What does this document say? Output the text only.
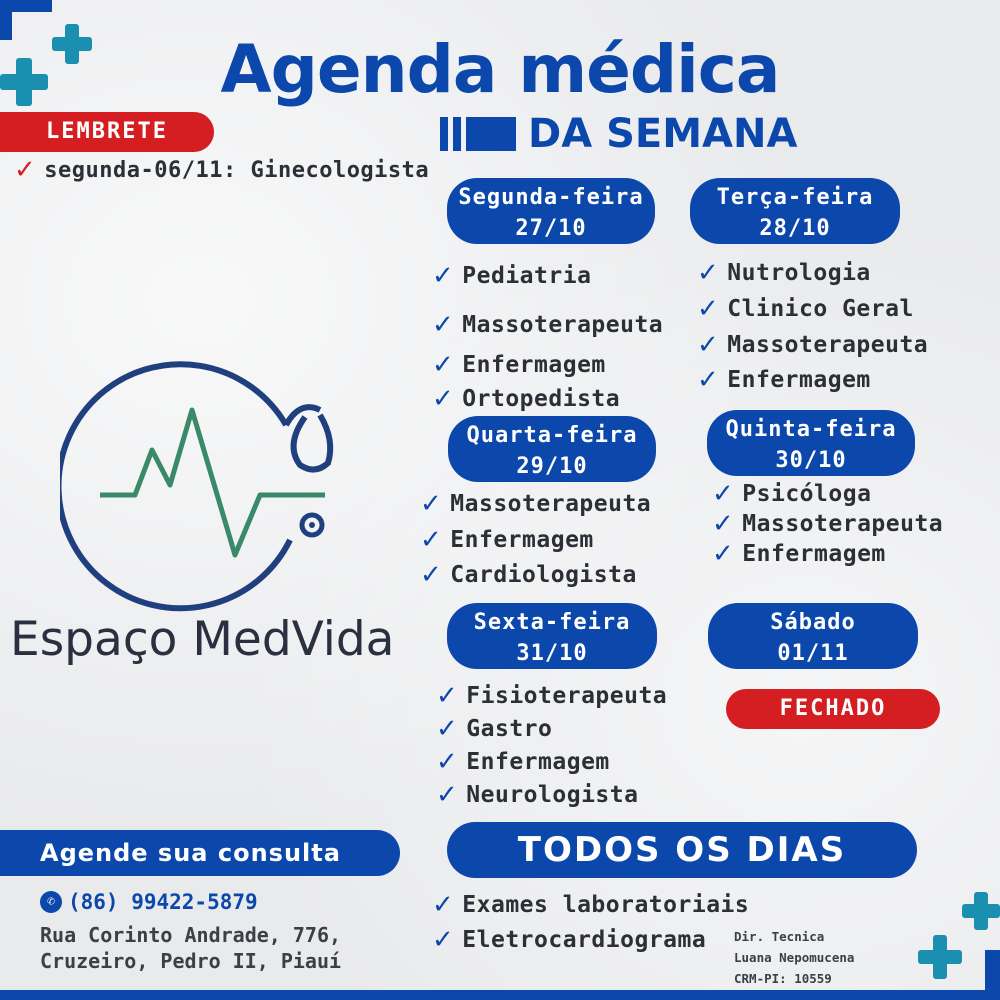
Agenda médica
DA SEMANA
LEMBRETE
✓ segunda-06/11: Ginecologista
Segunda-feira
27/10
Terça-feira
28/10
Quarta-feira
29/10
Quinta-feira
30/10
Sexta-feira
31/10
Sábado
01/11
FECHADO
✓ Pediatria
✓ Massoterapeuta
✓ Enfermagem
✓ Ortopedista
✓ Nutrologia
✓ Clinico Geral
✓ Massoterapeuta
✓ Enfermagem
✓ Massoterapeuta
✓ Enfermagem
✓ Cardiologista
✓ Psicóloga
✓ Massoterapeuta
✓ Enfermagem
✓ Fisioterapeuta
✓ Gastro
✓ Enfermagem
✓ Neurologista
TODOS OS DIAS
✓ Exames laboratoriais
✓ Eletrocardiograma
Espaço MedVida
Agende sua consulta
✆ (86) 99422-5879
Rua Corinto Andrade, 776,
Cruzeiro, Pedro II, Piauí
Dir. Tecnica
Luana Nepomucena
CRM-PI: 10559
